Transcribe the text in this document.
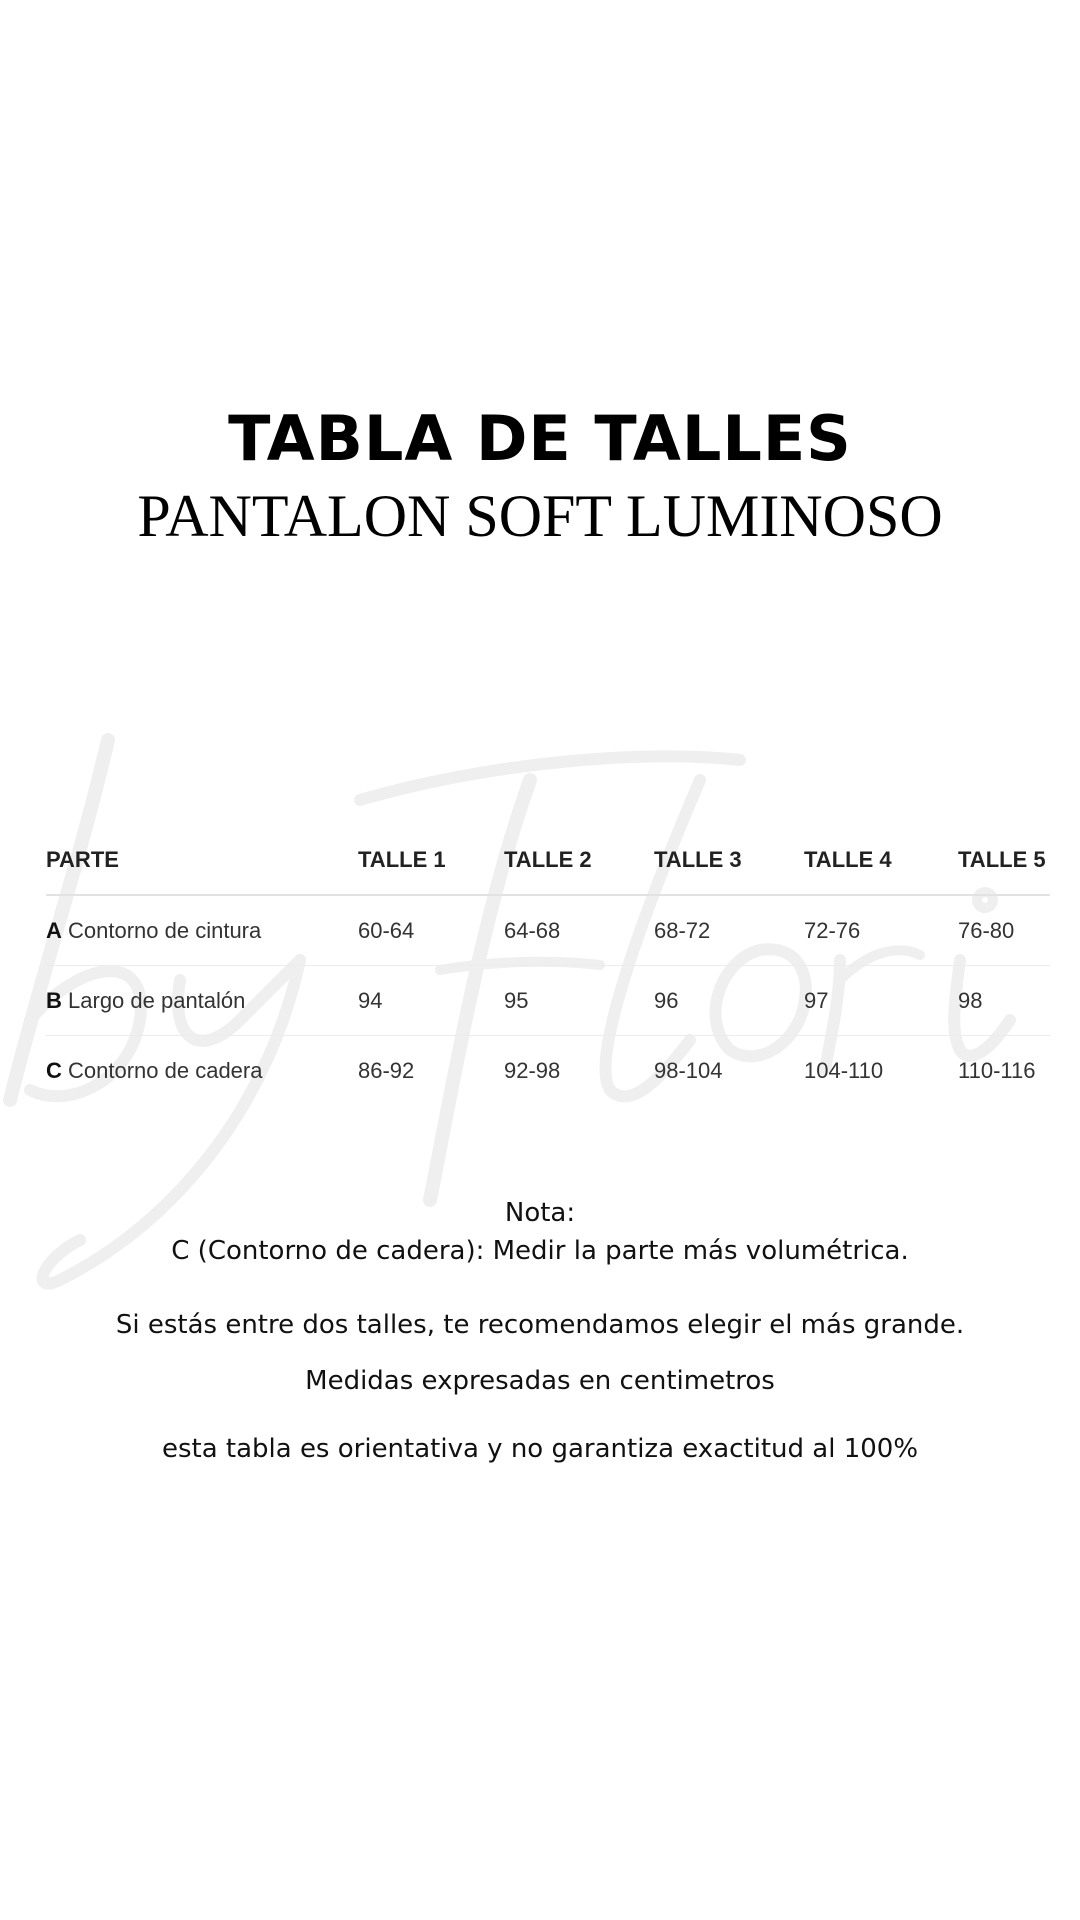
TABLA DE TALLES
PANTALON SOFT LUMINOSO
PARTE	TALLE 1	TALLE 2	TALLE 3	TALLE 4	TALLE 5
A Contorno de cintura	60-64	64-68	68-72	72-76	76-80
B Largo de pantalón	94	95	96	97	98
C Contorno de cadera	86-92	92-98	98-104	104-110	110-116
Nota:
C (Contorno de cadera): Medir la parte más volumétrica.
Si estás entre dos talles, te recomendamos elegir el más grande.
Medidas expresadas en centimetros
esta tabla es orientativa y no garantiza exactitud al 100%
